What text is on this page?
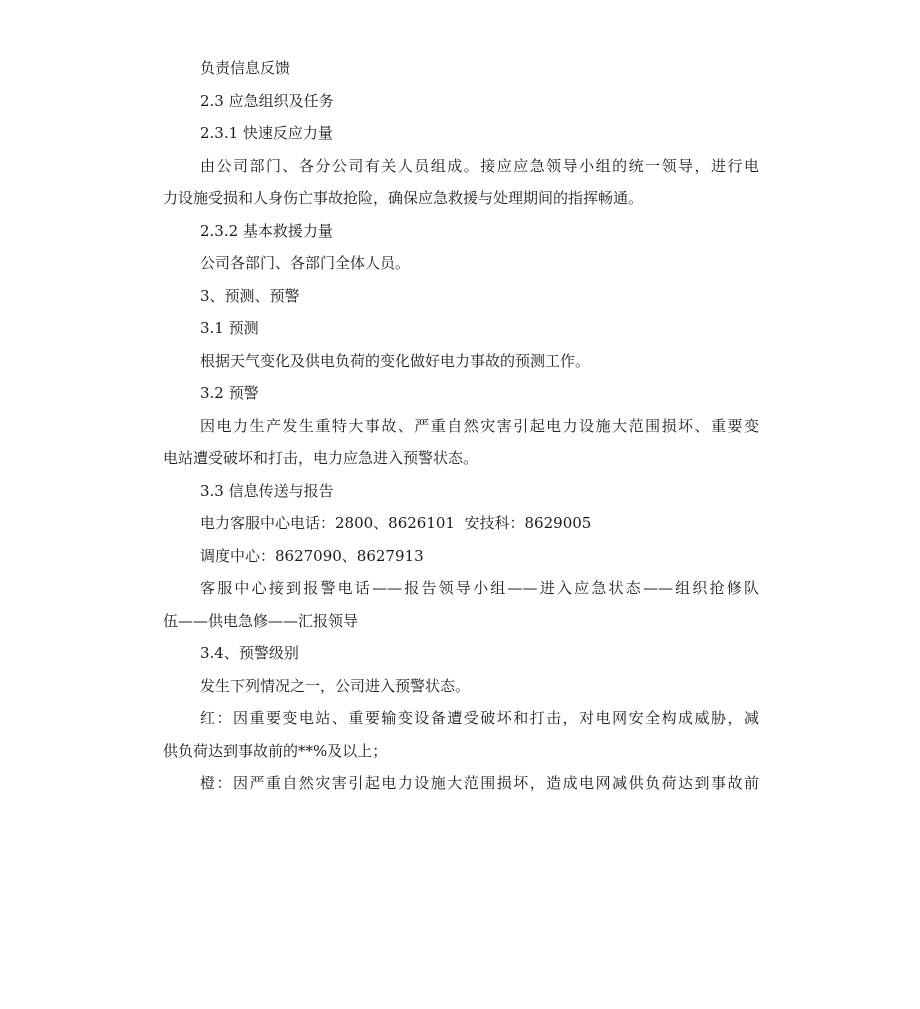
负责信息反馈
2.3 应急组织及任务
2.3.1 快速反应力量
由公司部门、各分公司有关人员组成。接应应急领导小组的统一领导，进行电
力设施受损和人身伤亡事故抢险，确保应急救援与处理期间的指挥畅通。
2.3.2 基本救援力量
公司各部门、各部门全体人员。
3、预测、预警
3.1 预测
根据天气变化及供电负荷的变化做好电力事故的预测工作。
3.2 预警
因电力生产发生重特大事故、严重自然灾害引起电力设施大范围损坏、重要变
电站遭受破坏和打击，电力应急进入预警状态。
3.3 信息传送与报告
电力客服中心电话：2800、8626101  安技科：8629005
调度中心：8627090、8627913
客服中心接到报警电话——报告领导小组——进入应急状态——组织抢修队
伍——供电急修——汇报领导
3.4、预警级别
发生下列情况之一，公司进入预警状态。
红：因重要变电站、重要输变设备遭受破坏和打击，对电网安全构成威胁，减
供负荷达到事故前的**%及以上；
橙：因严重自然灾害引起电力设施大范围损坏，造成电网减供负荷达到事故前
